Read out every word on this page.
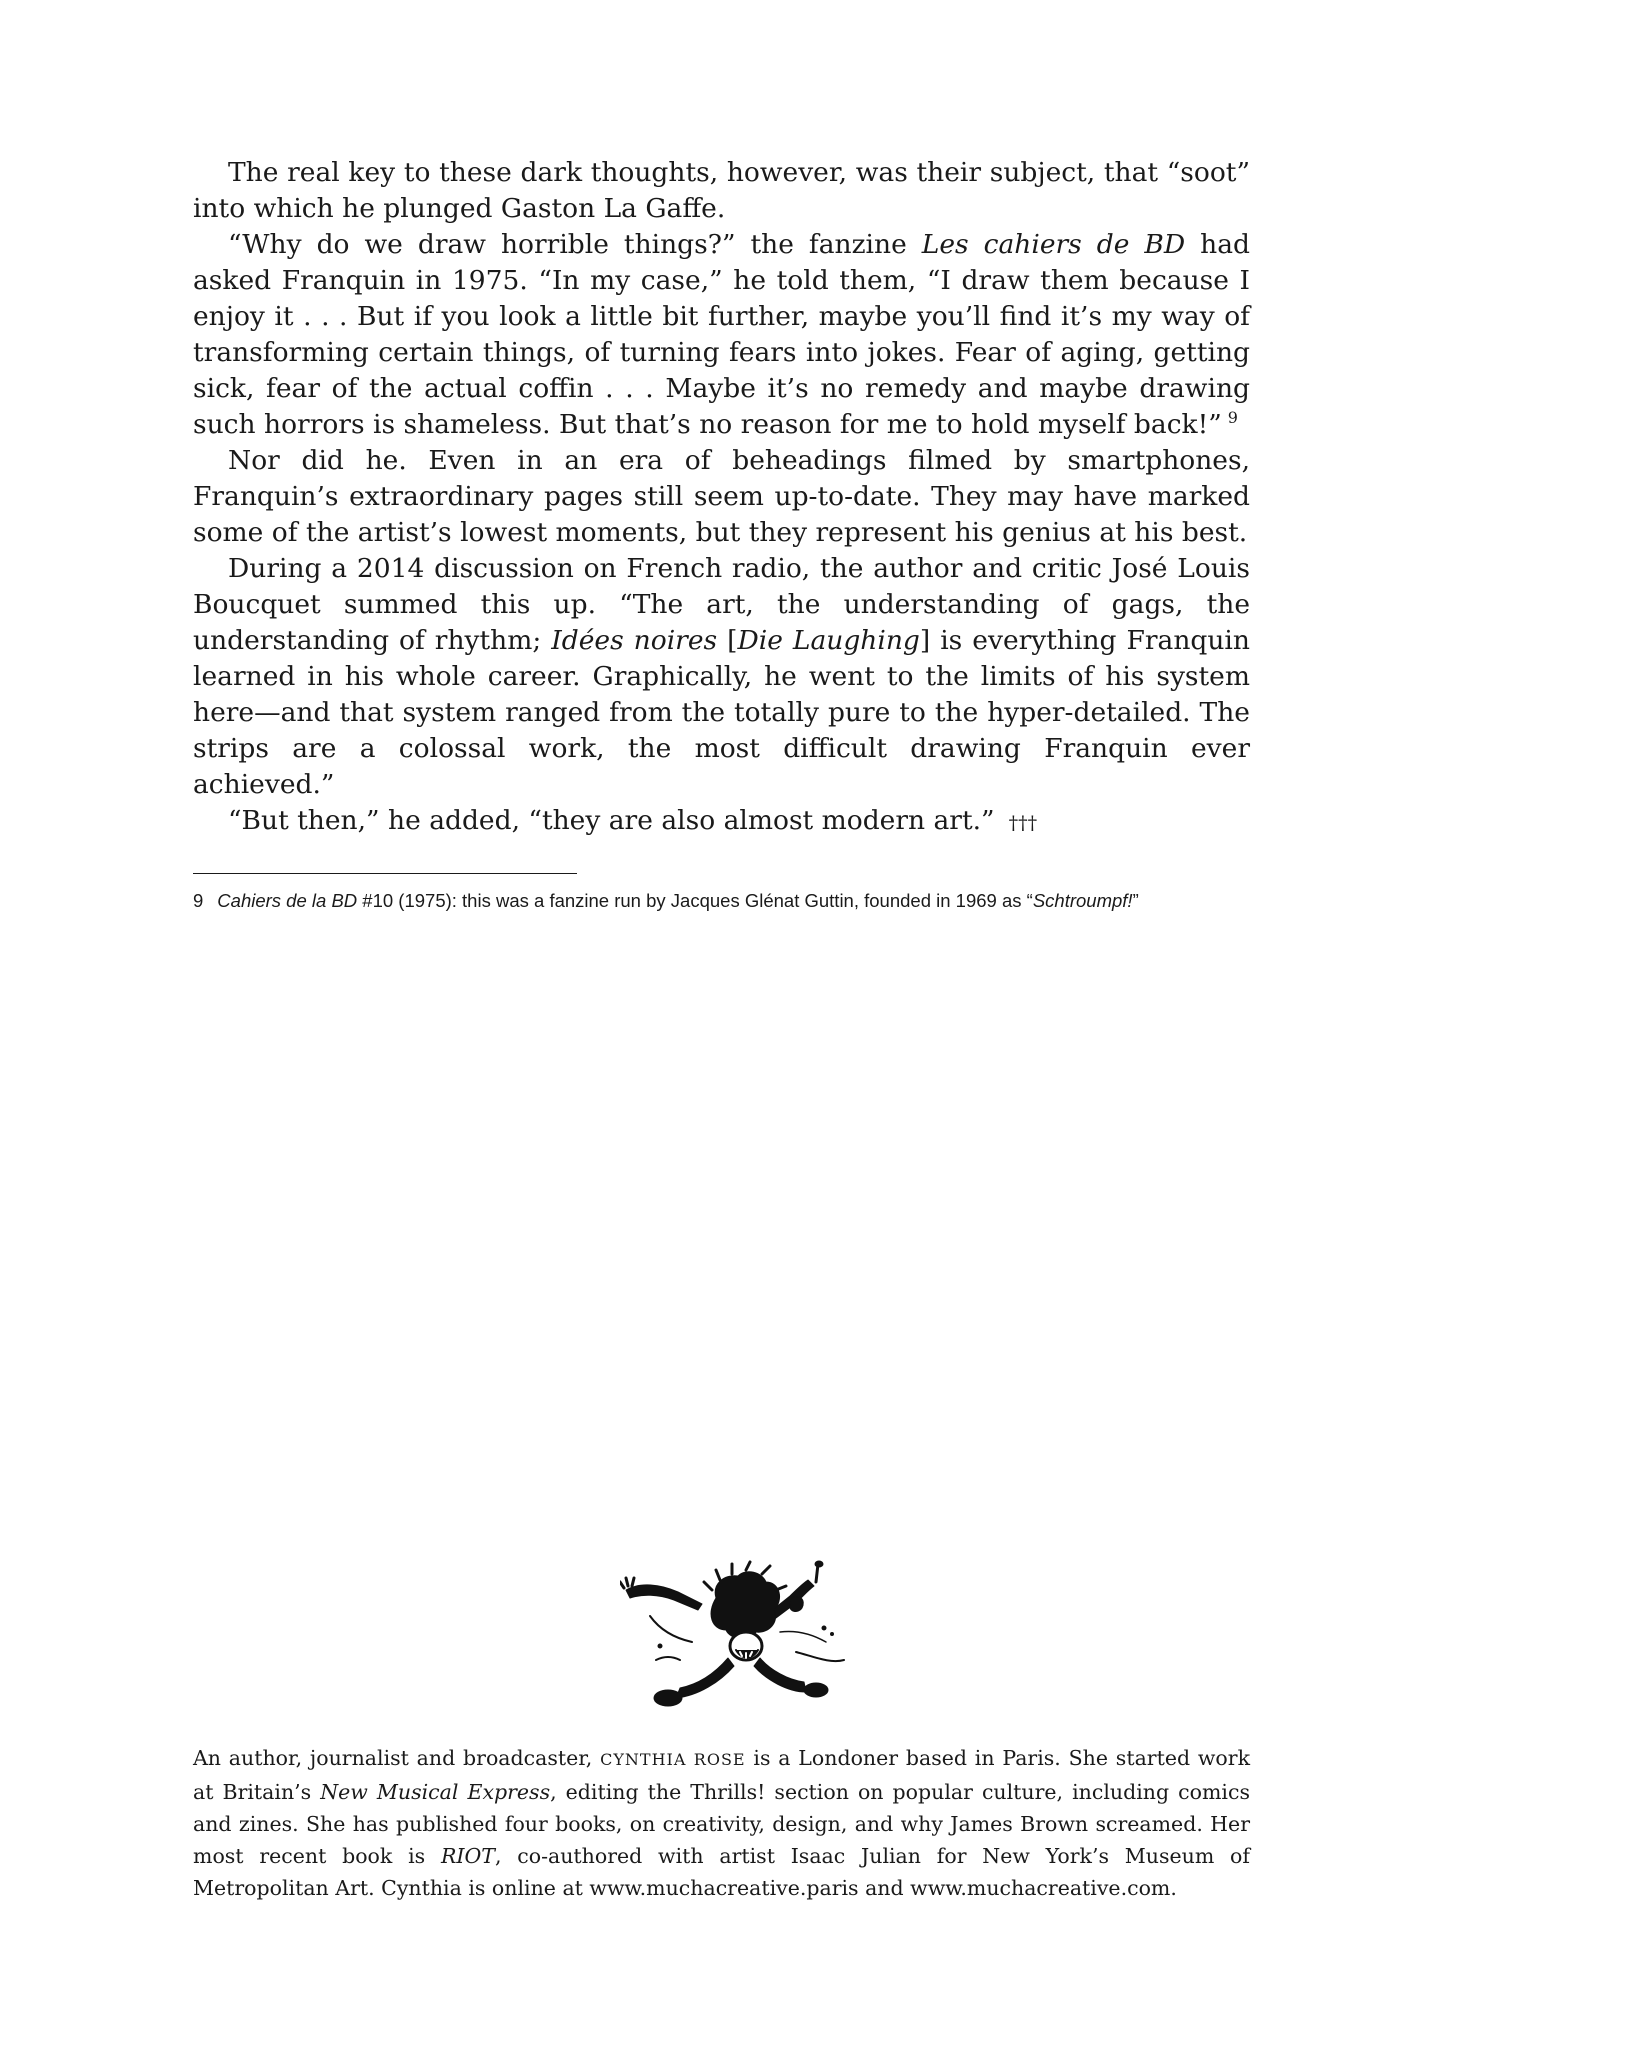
The real key to these dark thoughts, however, was their subject, that “soot” into which he plunged Gaston La Gaffe.

“Why do we draw horrible things?” the fanzine Les cahiers de BD had asked Franquin in 1975. “In my case,” he told them, “I draw them because I enjoy it . . . But if you look a little bit further, maybe you’ll find it’s my way of transforming certain things, of turning fears into jokes. Fear of aging, getting sick, fear of the actual coffin . . . Maybe it’s no remedy and maybe drawing such horrors is shameless. But that’s no reason for me to hold myself back!” $^9$

Nor did he. Even in an era of beheadings filmed by smartphones, Franquin’s extraordinary pages still seem up-to-date. They may have marked some of the artist’s lowest moments, but they represent his genius at his best.

During a 2014 discussion on French radio, the author and critic José Louis Boucquet summed this up. “The art, the understanding of gags, the understanding of rhythm; Idées noires [Die Laughing] is everything Franquin learned in his whole career. Graphically, he went to the limits of his system here—and that system ranged from the totally pure to the hyper-detailed. The strips are a colossal work, the most difficult drawing Franquin ever achieved.”

“But then,” he added, “they are also almost modern art.” †††

9 Cahiers de la BD #10 (1975): this was a fanzine run by Jacques Glénat Guttin, founded in 1969 as “Schtroumpf!”

An author, journalist and broadcaster, CYNTHIA ROSE is a Londoner based in Paris. She started work at Britain’s New Musical Express, editing the Thrills! section on popular culture, including comics and zines. She has published four books, on creativity, design, and why James Brown screamed. Her most recent book is RIOT, co-authored with artist Isaac Julian for New York’s Museum of Metropolitan Art. Cynthia is online at www.muchacreative.paris and www.muchacreative.com.
